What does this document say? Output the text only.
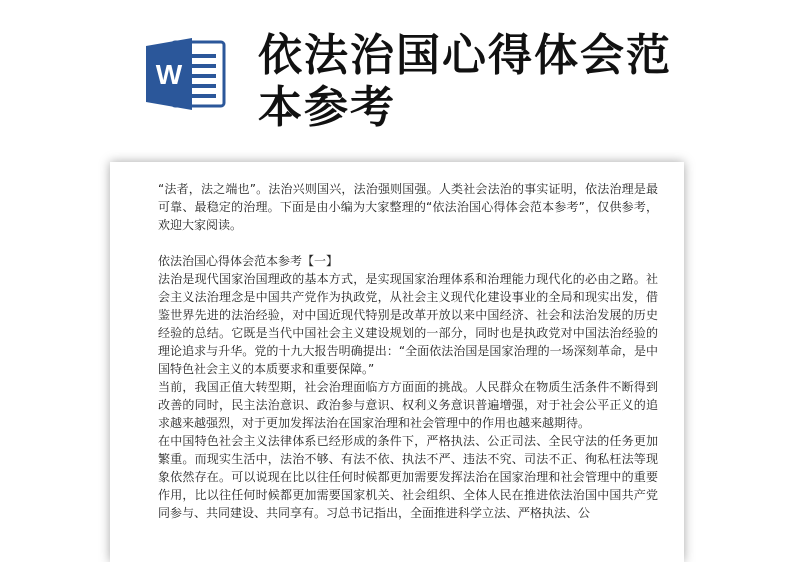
W 依法治国心得体会范本参考

“法者，法之端也”。法治兴则国兴，法治强则国强。人类社会法治的事实证明，依法治理是最可靠、最稳定的治理。下面是由小编为大家整理的“依法治国心得体会范本参考”，仅供参考，欢迎大家阅读。

依法治国心得体会范本参考【一】

法治是现代国家治国理政的基本方式，是实现国家治理体系和治理能力现代化的必由之路。社会主义法治理念是中国共产党作为执政党，从社会主义现代化建设事业的全局和现实出发，借鉴世界先进的法治经验，对中国近现代特别是改革开放以来中国经济、社会和法治发展的历史经验的总结。它既是当代中国社会主义建设规划的一部分，同时也是执政党对中国法治经验的理论追求与升华。党的十九大报告明确提出：“全面依法治国是国家治理的一场深刻革命，是中国特色社会主义的本质要求和重要保障。”

当前，我国正值大转型期，社会治理面临方方面面的挑战。人民群众在物质生活条件不断得到改善的同时，民主法治意识、政治参与意识、权利义务意识普遍增强，对于社会公平正义的追求越来越强烈，对于更加发挥法治在国家治理和社会管理中的作用也越来越期待。

在中国特色社会主义法律体系已经形成的条件下，严格执法、公正司法、全民守法的任务更加繁重。而现实生活中，法治不够、有法不依、执法不严、违法不究、司法不正、徇私枉法等现象依然存在。可以说现在比以往任何时候都更加需要发挥法治在国家治理和社会管理中的重要作用，比以往任何时候都更加需要国家机关、社会组织、全体人民在推进依法治国中国共产党同参与、共同建设、共同享有。习总书记指出，全面推进科学立法、严格执法、公
